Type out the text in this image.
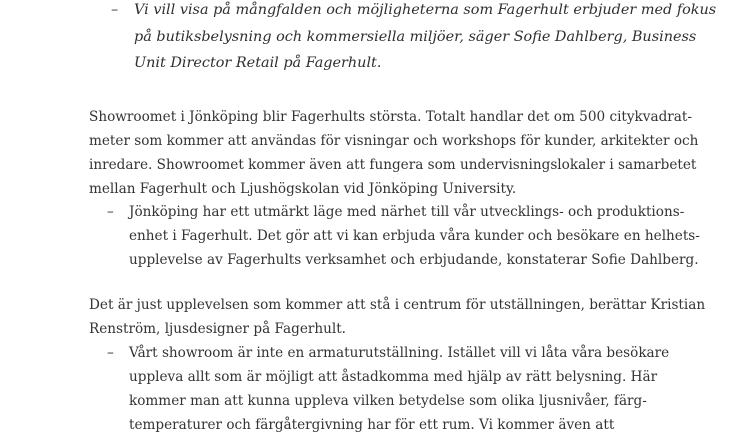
– Vi vill visa på mångfalden och möjligheterna som Fagerhult erbjuder med fokus
på butiksbelysning och kommersiella miljöer, säger Sofie Dahlberg, Business
Unit Director Retail på Fagerhult.
Showroomet i Jönköping blir Fagerhults största. Totalt handlar det om 500 citykvadrat-
meter som kommer att användas för visningar och workshops för kunder, arkitekter och
inredare. Showroomet kommer även att fungera som undervisningslokaler i samarbetet
mellan Fagerhult och Ljushögskolan vid Jönköping University.
– Jönköping har ett utmärkt läge med närhet till vår utvecklings- och produktions-
enhet i Fagerhult. Det gör att vi kan erbjuda våra kunder och besökare en helhets-
upplevelse av Fagerhults verksamhet och erbjudande, konstaterar Sofie Dahlberg.
Det är just upplevelsen som kommer att stå i centrum för utställningen, berättar Kristian
Renström, ljusdesigner på Fagerhult.
– Vårt showroom är inte en armaturutställning. Istället vill vi låta våra besökare
uppleva allt som är möjligt att åstadkomma med hjälp av rätt belysning. Här
kommer man att kunna uppleva vilken betydelse som olika ljusnivåer, färg-
temperaturer och färgåtergivning har för ett rum. Vi kommer även att
